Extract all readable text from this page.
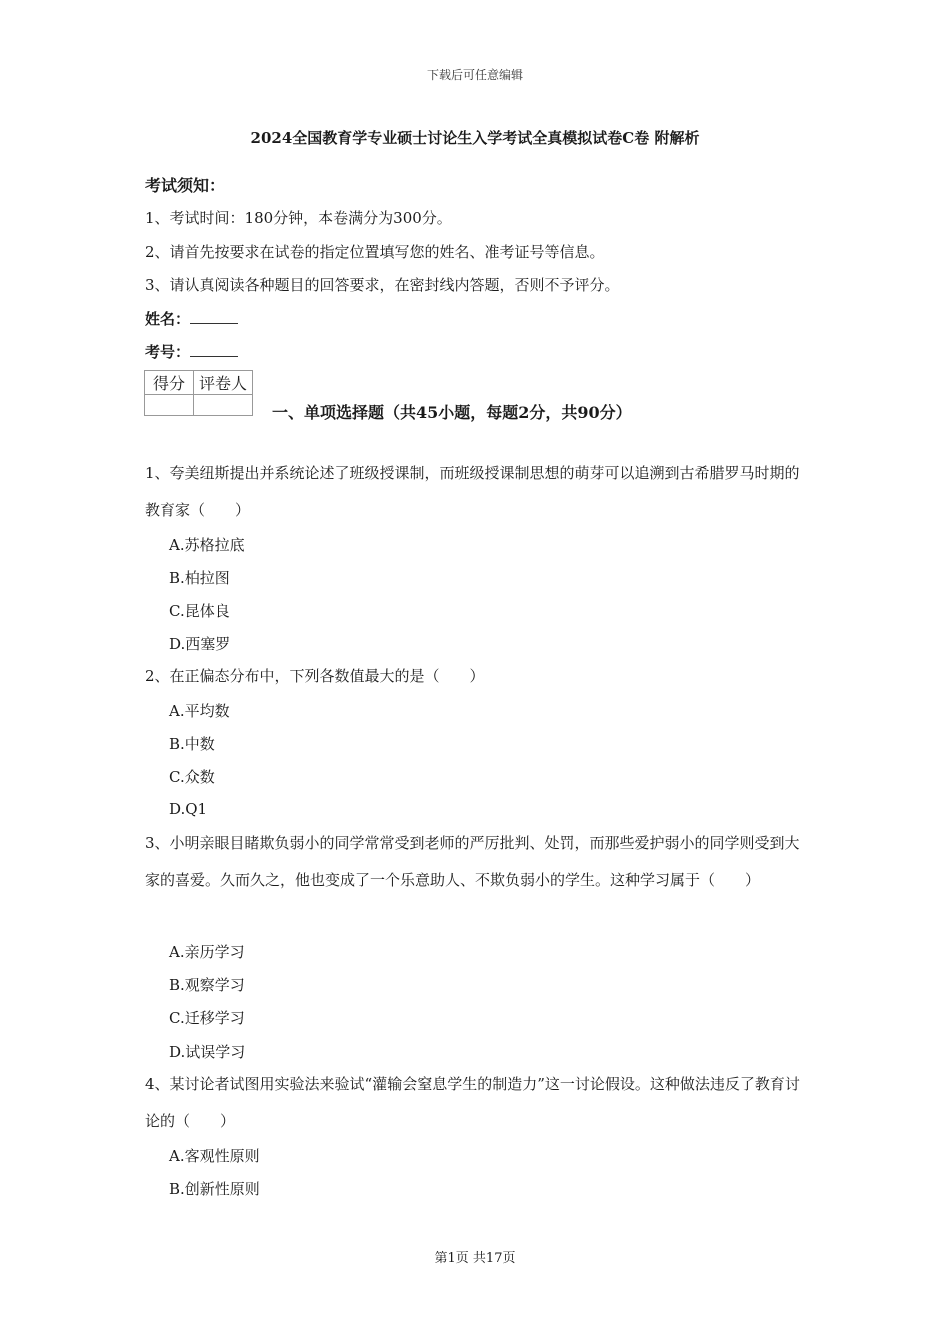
下载后可任意编辑
2024全国教育学专业硕士讨论生入学考试全真模拟试卷C卷 附解析
考试须知：
1、考试时间：180分钟，本卷满分为300分。
2、请首先按要求在试卷的指定位置填写您的姓名、准考证号等信息。
3、请认真阅读各种题目的回答要求，在密封线内答题，否则不予评分。
姓名：
考号：
得分	评卷人

一、单项选择题（共45小题，每题2分，共90分）
1、夸美纽斯提出并系统论述了班级授课制，而班级授课制思想的萌芽可以追溯到古希腊罗马时期的教育家（　　）
A.苏格拉底
B.柏拉图
C.昆体良
D.西塞罗
2、在正偏态分布中，下列各数值最大的是（　　）
A.平均数
B.中数
C.众数
D.Q1
3、小明亲眼目睹欺负弱小的同学常常受到老师的严厉批判、处罚，而那些爱护弱小的同学则受到大家的喜爱。久而久之，他也变成了一个乐意助人、不欺负弱小的学生。这种学习属于（　　）
A.亲历学习
B.观察学习
C.迁移学习
D.试误学习
4、某讨论者试图用实验法来验试“灌输会窒息学生的制造力”这一讨论假设。这种做法违反了教育讨论的（　　）
A.客观性原则
B.创新性原则
第1页 共17页
